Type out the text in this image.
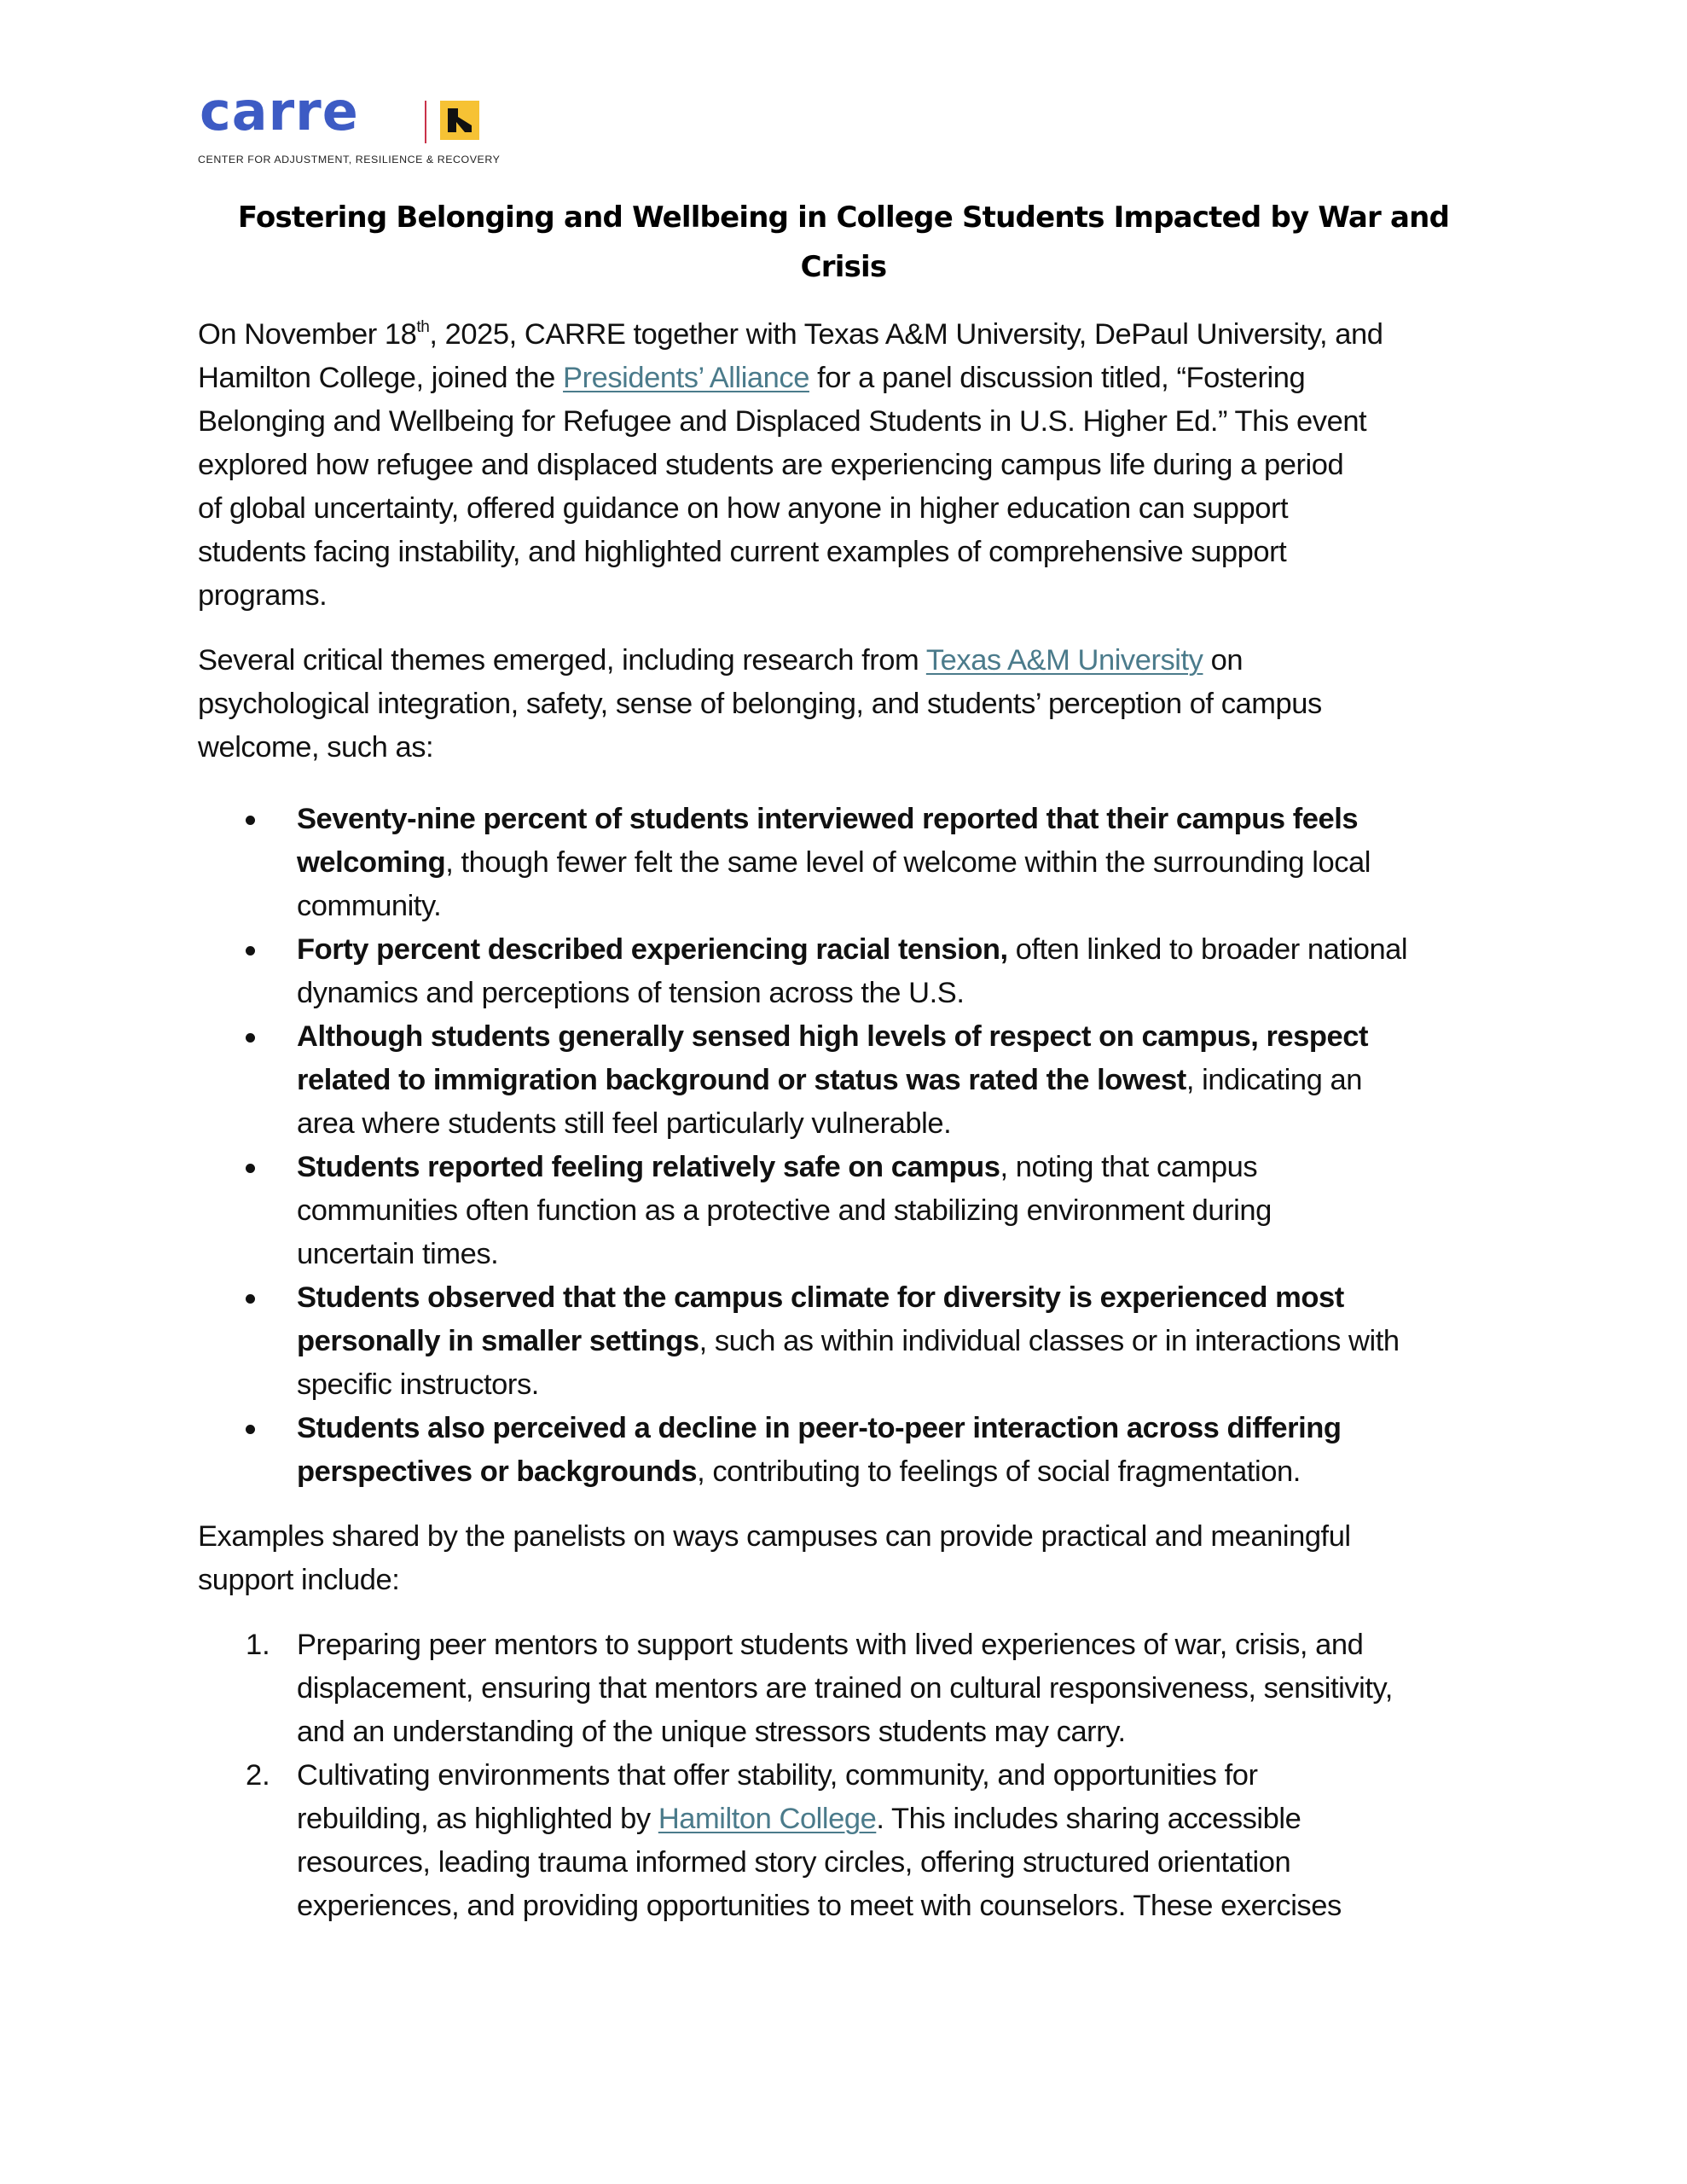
carre
CENTER FOR ADJUSTMENT, RESILIENCE & RECOVERY
Fostering Belonging and Wellbeing in College Students Impacted by War and
Crisis
On November 18th, 2025, CARRE together with Texas A&M University, DePaul University, and
Hamilton College, joined the Presidents’ Alliance for a panel discussion titled, “Fostering
Belonging and Wellbeing for Refugee and Displaced Students in U.S. Higher Ed.” This event
explored how refugee and displaced students are experiencing campus life during a period
of global uncertainty, offered guidance on how anyone in higher education can support
students facing instability, and highlighted current examples of comprehensive support
programs.
Several critical themes emerged, including research from Texas A&M University on
psychological integration, safety, sense of belonging, and students’ perception of campus
welcome, such as:
Seventy-nine percent of students interviewed reported that their campus feels
welcoming, though fewer felt the same level of welcome within the surrounding local
community.
Forty percent described experiencing racial tension, often linked to broader national
dynamics and perceptions of tension across the U.S.
Although students generally sensed high levels of respect on campus, respect
related to immigration background or status was rated the lowest, indicating an
area where students still feel particularly vulnerable.
Students reported feeling relatively safe on campus, noting that campus
communities often function as a protective and stabilizing environment during
uncertain times.
Students observed that the campus climate for diversity is experienced most
personally in smaller settings, such as within individual classes or in interactions with
specific instructors.
Students also perceived a decline in peer-to-peer interaction across differing
perspectives or backgrounds, contributing to feelings of social fragmentation.
Examples shared by the panelists on ways campuses can provide practical and meaningful
support include:
1. Preparing peer mentors to support students with lived experiences of war, crisis, and
displacement, ensuring that mentors are trained on cultural responsiveness, sensitivity,
and an understanding of the unique stressors students may carry.
2. Cultivating environments that offer stability, community, and opportunities for
rebuilding, as highlighted by Hamilton College. This includes sharing accessible
resources, leading trauma informed story circles, offering structured orientation
experiences, and providing opportunities to meet with counselors. These exercises
